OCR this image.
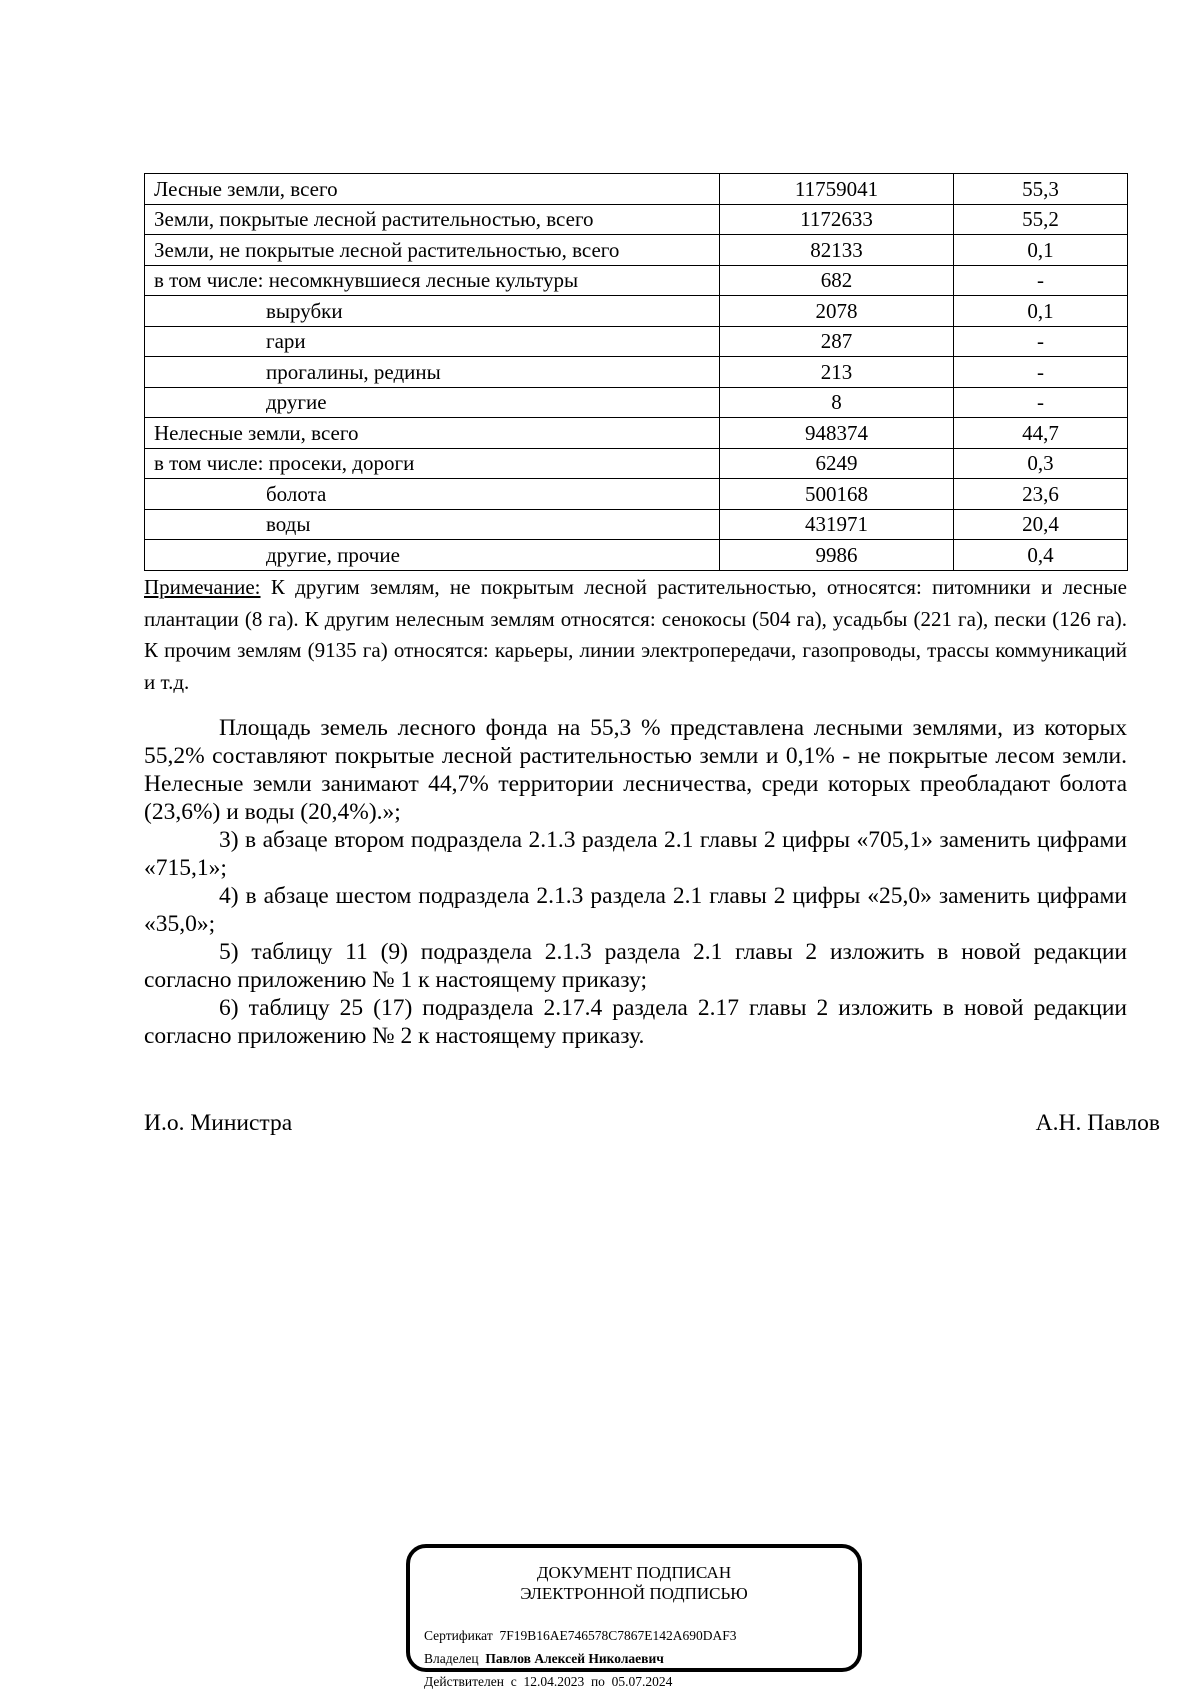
Лесные земли, всего	11759041	55,3
Земли, покрытые лесной растительностью, всего	1172633	55,2
Земли, не покрытые лесной растительностью, всего	82133	0,1
в том числе: несомкнувшиеся лесные культуры	682	-
вырубки	2078	0,1
гари	287	-
прогалины, редины	213	-
другие	8	-
Нелесные земли, всего	948374	44,7
в том числе: просеки, дороги	6249	0,3
болота	500168	23,6
воды	431971	20,4
другие, прочие	9986	0,4

Примечание: К другим землям, не покрытым лесной растительностью, относятся: питомники и лесные плантации (8 га). К другим нелесным землям относятся: сенокосы (504 га), усадьбы (221 га), пески (126 га). К прочим землям (9135 га) относятся: карьеры, линии электропередачи, газопроводы, трассы коммуникаций и т.д.

Площадь земель лесного фонда на 55,3 % представлена лесными землями, из которых 55,2% составляют покрытые лесной растительностью земли и 0,1% - не покрытые лесом земли. Нелесные земли занимают 44,7% территории лесничества, среди которых преобладают болота (23,6%) и воды (20,4%).»;

3) в абзаце втором подраздела 2.1.3 раздела 2.1 главы 2 цифры «705,1» заменить цифрами «715,1»;

4) в абзаце шестом подраздела 2.1.3 раздела 2.1 главы 2 цифры «25,0» заменить цифрами «35,0»;

5) таблицу 11 (9) подраздела 2.1.3 раздела 2.1 главы 2 изложить в новой редакции согласно приложению № 1 к настоящему приказу;

6) таблицу 25 (17) подраздела 2.17.4 раздела 2.17 главы 2 изложить в новой редакции согласно приложению № 2 к настоящему приказу.

И.о. Министра	А.Н. Павлов
ДОКУМЕНТ ПОДПИСАН
ЭЛЕКТРОННОЙ ПОДПИСЬЮ
Сертификат 7F19B16AE746578C7867E142A690DAF3
Владелец Павлов Алексей Николаевич
Действителен с 12.04.2023 по 05.07.2024
